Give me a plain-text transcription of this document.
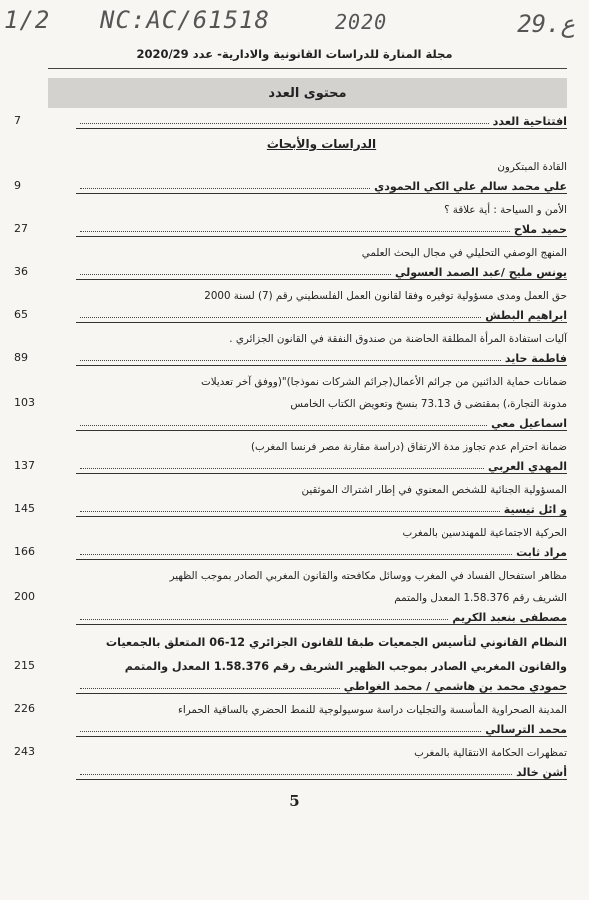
1/2 NC:AC/61518	2020	29.ع
مجلة المنارة للدراسات القانونية والادارية- عدد 2020/29
محتوى العدد
افتتاحية العدد
7
الدراسات والأبحاث
القادة المبتكرون
علي محمد سالم علي الكي الحمودي
9
الأمن و السياحة : أية علاقة ؟
حميد ملاح
27
المنهج الوصفي التحليلي في مجال البحث العلمي
يونس مليح /عبد الصمد العسولي
36
حق العمل ومدى مسؤولية توفيره وفقا لقانون العمل الفلسطيني رقم (7) لسنة 2000
ابراهيم البطش
65
آليات استفادة المرأة المطلقة الحاضنة من صندوق النفقة في القانون الجزائري .
فاطمة حايد
89
ضمانات حماية الدائنين من جرائم الأعمال(جرائم الشركات نموذجا)"(ووفق آخر تعديلات
مدونة التجارة،) بمقتضى ق 73.13 بنسخ وتعويض الكتاب الخامس
103
اسماعيل معي
ضمانة احترام عدم تجاوز مدة الارتفاق (دراسة مقارنة مصر فرنسا المغرب)
المهدي العربي
137
المسؤولية الجنائية للشخص المعنوي في إطار اشتراك الموثقين
و ائل تيسية
145
الحركية الاجتماعية للمهندسين بالمغرب
مراد ثابت
166
مظاهر استفحال الفساد في المغرب ووسائل مكافحته والقانون المغربي الصادر بموجب الظهير
الشريف رقم 1.58.376 المعدل والمتمم
200
مصطفى بنعبد الكريم
النظام القانوني لتأسيس الجمعيات طبقا للقانون الجزائري 12-06 المتعلق بالجمعيات
والقانون المغربي الصادر بموجب الظهير الشريف رقم 1.58.376 المعدل والمتمم
215
حمودي محمد بن هاشمي / محمد الغواطي
المدينة الصحراوية المأسسة والتجليات دراسة سوسيولوجية للنمط الحضري بالساقية الحمراء
226
محمد الترسالي
تمظهرات الحكامة الانتقالية بالمغرب
243
أشن خالد
5
